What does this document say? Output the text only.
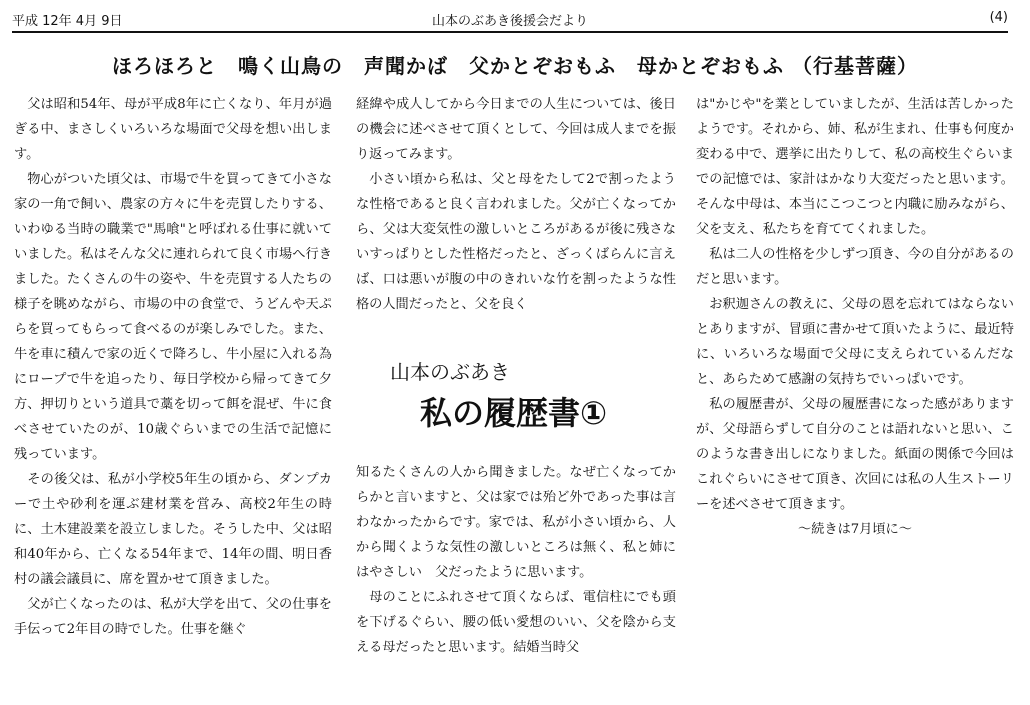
平成 12年 4月 9日	山本のぶあき後援会だより	(4)
ほろほろと　鳴く山鳥の　声聞かば　父かとぞおもふ　母かとぞおもふ （行基菩薩）

父は昭和54年、母が平成8年に亡くなり、年月が過ぎる中、まさしくいろいろな場面で父母を想い出します。

物心がついた頃父は、市場で牛を買ってきて小さな家の一角で飼い、農家の方々に牛を売買したりする、いわゆる当時の職業で"馬喰"と呼ばれる仕事に就いていました。私はそんな父に連れられて良く市場へ行きました。たくさんの牛の姿や、牛を売買する人たちの様子を眺めながら、市場の中の食堂で、うどんや天ぷらを買ってもらって食べるのが楽しみでした。また、牛を車に積んで家の近くで降ろし、牛小屋に入れる為にロープで牛を追ったり、毎日学校から帰ってきて夕方、押切りという道具で藁を切って餌を混ぜ、牛に食べさせていたのが、10歳ぐらいまでの生活で記憶に残っています。

その後父は、私が小学校5年生の頃から、ダンプカーで土や砂利を運ぶ建材業を営み、高校2年生の時に、土木建設業を設立しました。そうした中、父は昭和40年から、亡くなる54年まで、14年の間、明日香村の議会議員に、席を置かせて頂きました。

父が亡くなったのは、私が大学を出て、父の仕事を手伝って2年目の時でした。仕事を継ぐ

経緯や成人してから今日までの人生については、後日の機会に述べさせて頂くとして、今回は成人までを振り返ってみます。

小さい頃から私は、父と母をたして2で割ったような性格であると良く言われました。父が亡くなってから、父は大変気性の激しいところがあるが後に残さないすっぱりとした性格だったと、ざっくばらんに言えば、口は悪いが腹の中のきれいな竹を割ったような性格の人間だったと、父を良く

山本のぶあき
私の履歴書①

知るたくさんの人から聞きました。なぜ亡くなってからかと言いますと、父は家では殆ど外であった事は言わなかったからです。家では、私が小さい頃から、人から聞くような気性の激しいところは無く、私と姉にはやさしい　父だったように思います。

母のことにふれさせて頂くならば、電信柱にでも頭を下げるぐらい、腰の低い愛想のいい、父を陰から支える母だったと思います。結婚当時父

は"かじや"を業としていましたが、生活は苦しかったようです。それから、姉、私が生まれ、仕事も何度か変わる中で、選挙に出たりして、私の高校生ぐらいまでの記憶では、家計はかなり大変だったと思います。そんな中母は、本当にこつこつと内職に励みながら、父を支え、私たちを育ててくれました。

私は二人の性格を少しずつ頂き、今の自分があるのだと思います。

お釈迦さんの教えに、父母の恩を忘れてはならないとありますが、冒頭に書かせて頂いたように、最近特に、いろいろな場面で父母に支えられているんだなと、あらためて感謝の気持ちでいっぱいです。

私の履歴書が、父母の履歴書になった感がありますが、父母語らずして自分のことは語れないと思い、このような書き出しになりました。紙面の関係で今回はこれぐらいにさせて頂き、次回には私の人生ストーリーを述べさせて頂きます。

～続きは7月頃に～
